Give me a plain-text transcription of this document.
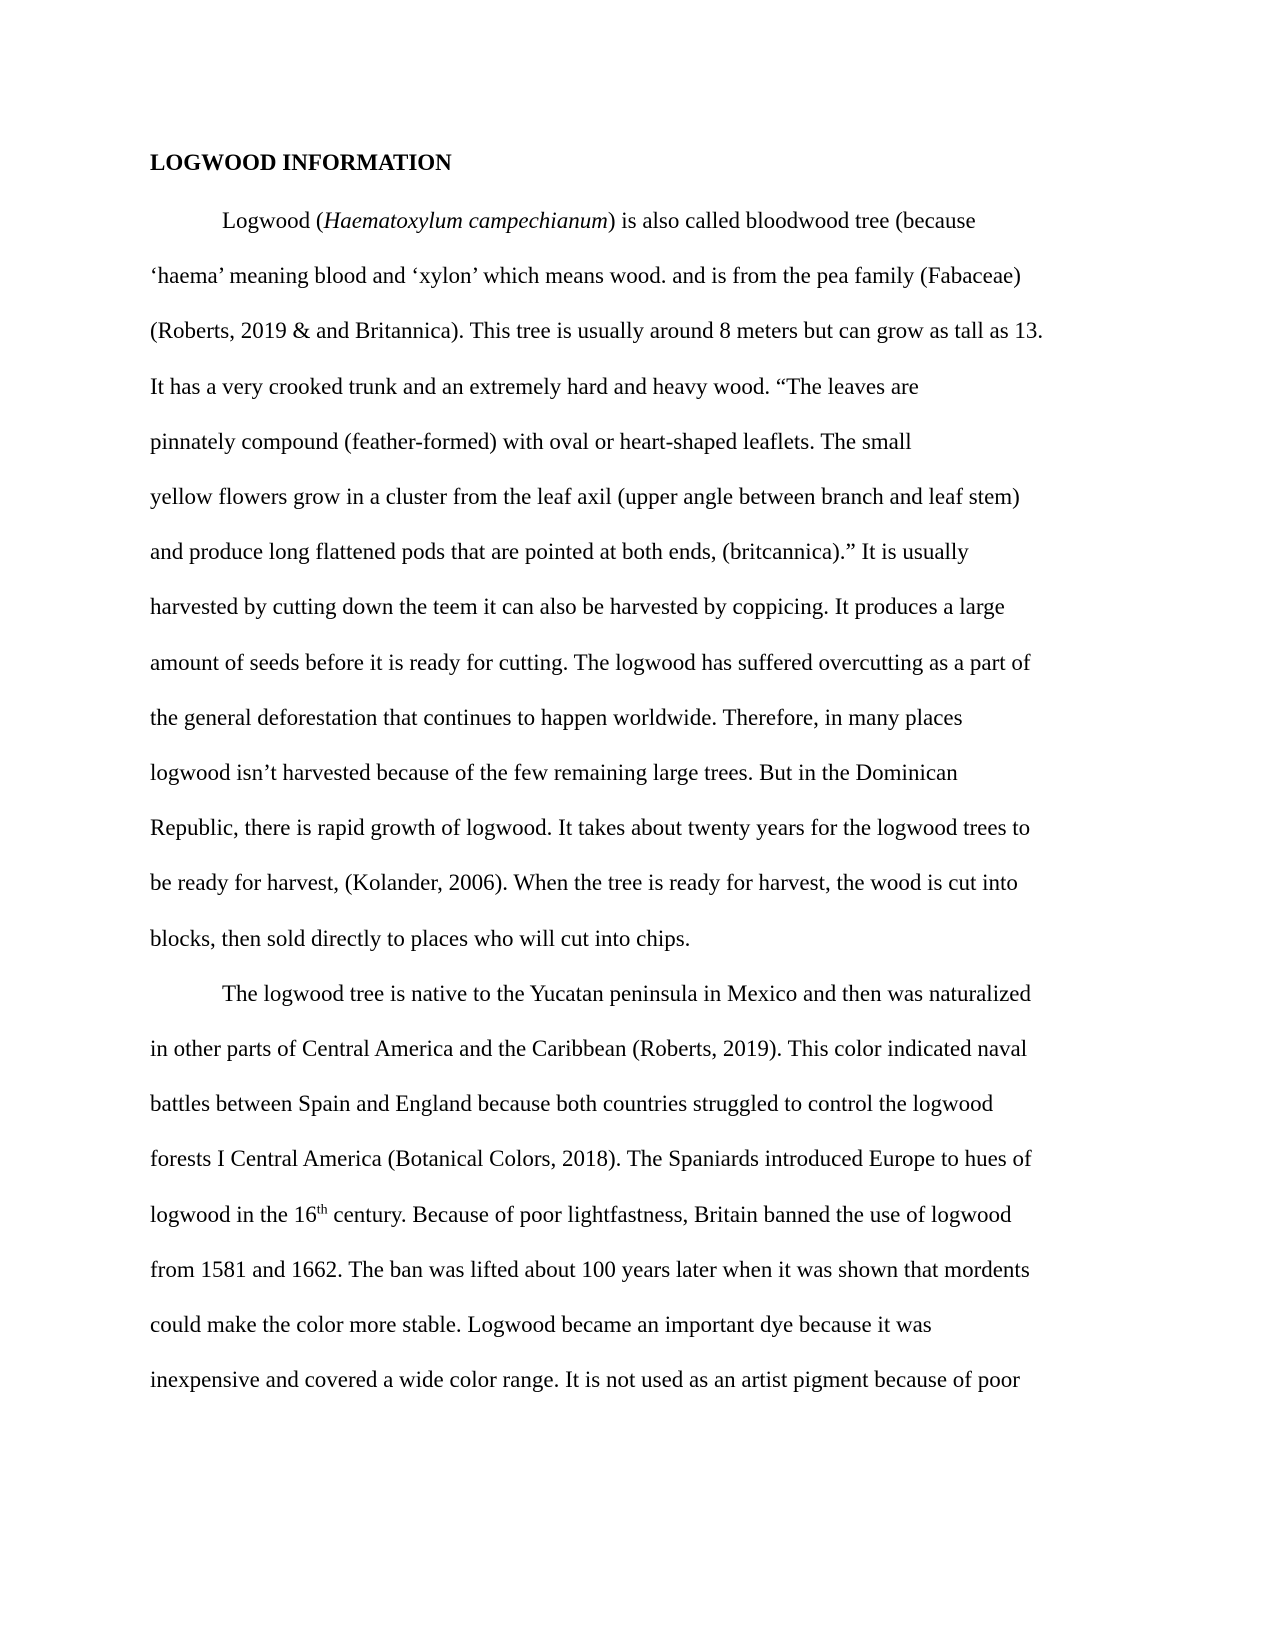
LOGWOOD INFORMATION
Logwood (Haematoxylum campechianum) is also called bloodwood tree (because
‘haema’ meaning blood and ‘xylon’ which means wood. and is from the pea family (Fabaceae)
(Roberts, 2019 & and Britannica). This tree is usually around 8 meters but can grow as tall as 13.
It has a very crooked trunk and an extremely hard and heavy wood. “The leaves are
pinnately compound (feather-formed) with oval or heart-shaped leaflets. The small
yellow flowers grow in a cluster from the leaf axil (upper angle between branch and leaf stem)
and produce long flattened pods that are pointed at both ends, (britcannica).” It is usually
harvested by cutting down the teem it can also be harvested by coppicing. It produces a large
amount of seeds before it is ready for cutting. The logwood has suffered overcutting as a part of
the general deforestation that continues to happen worldwide. Therefore, in many places
logwood isn’t harvested because of the few remaining large trees. But in the Dominican
Republic, there is rapid growth of logwood. It takes about twenty years for the logwood trees to
be ready for harvest, (Kolander, 2006). When the tree is ready for harvest, the wood is cut into
blocks, then sold directly to places who will cut into chips.
The logwood tree is native to the Yucatan peninsula in Mexico and then was naturalized
in other parts of Central America and the Caribbean (Roberts, 2019). This color indicated naval
battles between Spain and England because both countries struggled to control the logwood
forests I Central America (Botanical Colors, 2018). The Spaniards introduced Europe to hues of
logwood in the 16th century. Because of poor lightfastness, Britain banned the use of logwood
from 1581 and 1662. The ban was lifted about 100 years later when it was shown that mordents
could make the color more stable. Logwood became an important dye because it was
inexpensive and covered a wide color range. It is not used as an artist pigment because of poor
